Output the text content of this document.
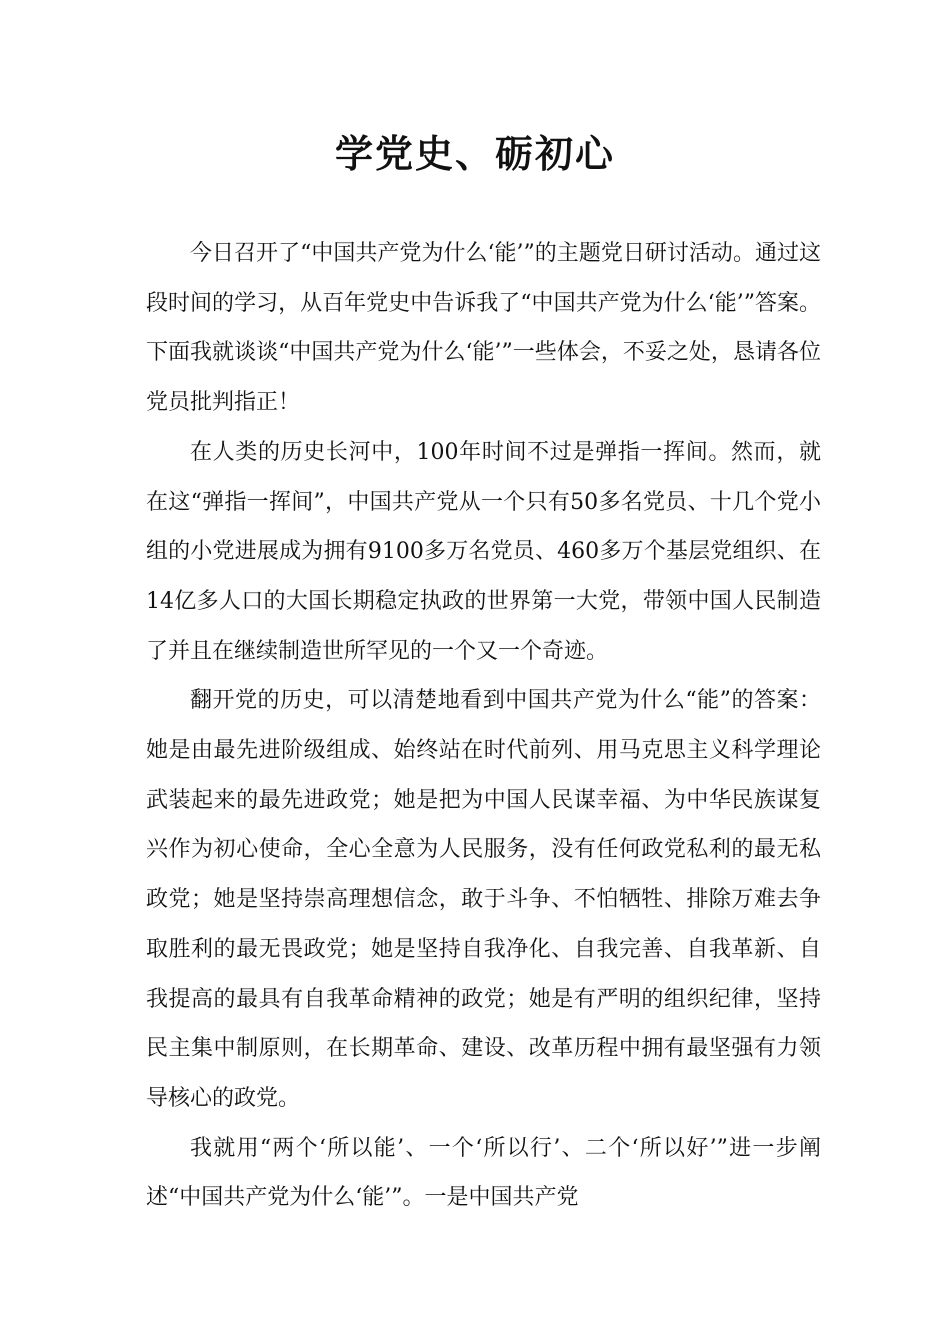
学党史、砺初心

今日召开了“中国共产党为什么‘能’”的主题党日研讨活动。通过这段时间的学习，从百年党史中告诉我了“中国共产党为什么‘能’”答案。下面我就谈谈“中国共产党为什么‘能’”一些体会，不妥之处，恳请各位党员批判指正！

在人类的历史长河中，100年时间不过是弹指一挥间。然而，就在这“弹指一挥间”，中国共产党从一个只有50多名党员、十几个党小组的小党进展成为拥有9100多万名党员、460多万个基层党组织、在14亿多人口的大国长期稳定执政的世界第一大党，带领中国人民制造了并且在继续制造世所罕见的一个又一个奇迹。

翻开党的历史，可以清楚地看到中国共产党为什么“能”的答案：她是由最先进阶级组成、始终站在时代前列、用马克思主义科学理论武装起来的最先进政党；她是把为中国人民谋幸福、为中华民族谋复兴作为初心使命，全心全意为人民服务，没有任何政党私利的最无私政党；她是坚持崇高理想信念，敢于斗争、不怕牺牲、排除万难去争取胜利的最无畏政党；她是坚持自我净化、自我完善、自我革新、自我提高的最具有自我革命精神的政党；她是有严明的组织纪律，坚持民主集中制原则，在长期革命、建设、改革历程中拥有最坚强有力领导核心的政党。

我就用“两个‘所以能’、一个‘所以行’、二个‘所以好’”进一步阐述“中国共产党为什么‘能’”。一是中国共产党
